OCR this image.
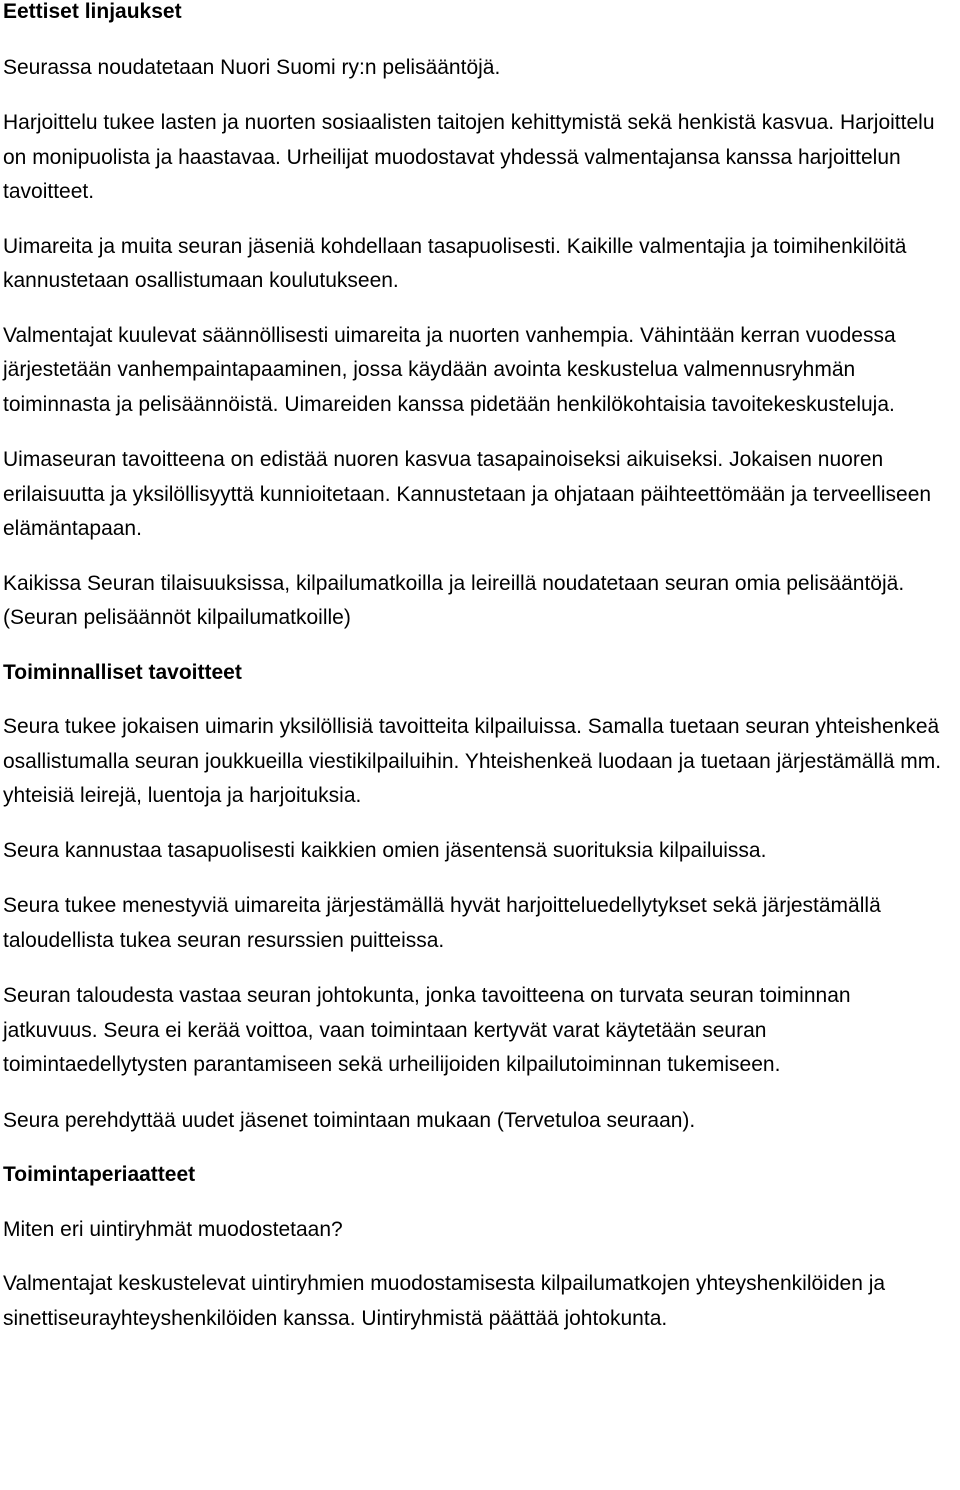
Eettiset linjaukset

Seurassa noudatetaan Nuori Suomi ry:n pelisääntöjä.

Harjoittelu tukee lasten ja nuorten sosiaalisten taitojen kehittymistä sekä henkistä kasvua. Harjoittelu on monipuolista ja haastavaa. Urheilijat muodostavat yhdessä valmentajansa kanssa harjoittelun tavoitteet.

Uimareita ja muita seuran jäseniä kohdellaan tasapuolisesti. Kaikille valmentajia ja toimihenkilöitä kannustetaan osallistumaan koulutukseen.

Valmentajat kuulevat säännöllisesti uimareita ja nuorten vanhempia. Vähintään kerran vuodessa järjestetään vanhempaintapaaminen, jossa käydään avointa keskustelua valmennusryhmän toiminnasta ja pelisäännöistä. Uimareiden kanssa pidetään henkilökohtaisia tavoitekeskusteluja.

Uimaseuran tavoitteena on edistää nuoren kasvua tasapainoiseksi aikuiseksi. Jokaisen nuoren erilaisuutta ja yksilöllisyyttä kunnioitetaan. Kannustetaan ja ohjataan päihteettömään ja terveelliseen elämäntapaan.

Kaikissa Seuran tilaisuuksissa, kilpailumatkoilla ja leireillä noudatetaan seuran omia pelisääntöjä. (Seuran pelisäännöt kilpailumatkoille)

Toiminnalliset tavoitteet

Seura tukee jokaisen uimarin yksilöllisiä tavoitteita kilpailuissa. Samalla tuetaan seuran yhteishenkeä osallistumalla seuran joukkueilla viestikilpailuihin. Yhteishenkeä luodaan ja tuetaan järjestämällä mm. yhteisiä leirejä, luentoja ja harjoituksia.

Seura kannustaa tasapuolisesti kaikkien omien jäsentensä suorituksia kilpailuissa.

Seura tukee menestyviä uimareita järjestämällä hyvät harjoitteluedellytykset sekä järjestämällä taloudellista tukea seuran resurssien puitteissa.

Seuran taloudesta vastaa seuran johtokunta, jonka tavoitteena on turvata seuran toiminnan jatkuvuus. Seura ei kerää voittoa, vaan toimintaan kertyvät varat käytetään seuran toimintaedellytysten parantamiseen sekä urheilijoiden kilpailutoiminnan tukemiseen.

Seura perehdyttää uudet jäsenet toimintaan mukaan (Tervetuloa seuraan).

Toimintaperiaatteet

Miten eri uintiryhmät muodostetaan?

Valmentajat keskustelevat uintiryhmien muodostamisesta kilpailumatkojen yhteyshenkilöiden ja sinettiseurayhteyshenkilöiden kanssa. Uintiryhmistä päättää johtokunta.
